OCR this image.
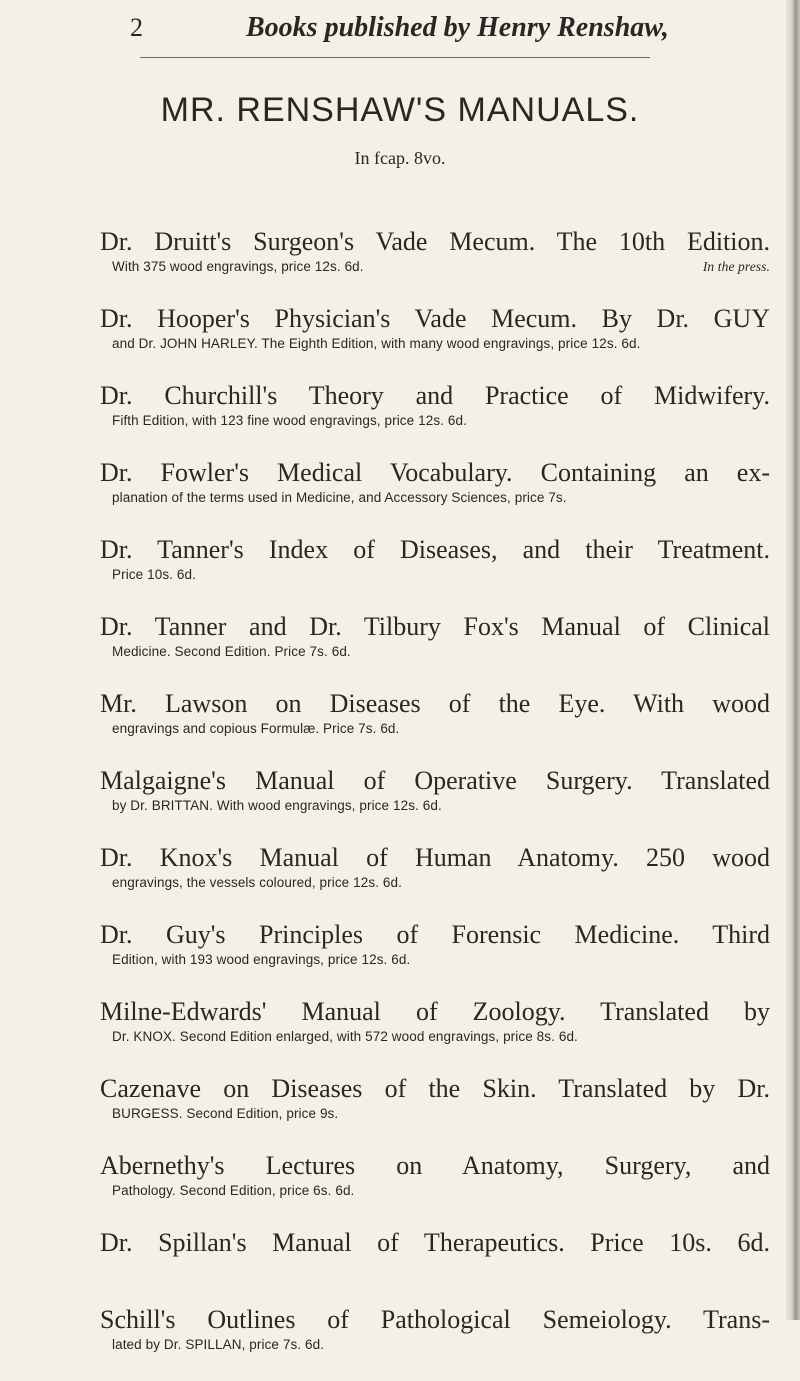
2	Books published by Henry Renshaw,

MR. RENSHAW'S MANUALS.

In fcap. 8vo.

Dr. Druitt's Surgeon's Vade Mecum. The 10th Edition.

With 375 wood engravings, price 12s. 6d.	In the press.

Dr. Hooper's Physician's Vade Mecum. By Dr. GUY

and Dr. JOHN HARLEY. The Eighth Edition, with many wood engravings, price 12s. 6d.

Dr. Churchill's Theory and Practice of Midwifery.

Fifth Edition, with 123 fine wood engravings, price 12s. 6d.

Dr. Fowler's Medical Vocabulary. Containing an ex-

planation of the terms used in Medicine, and Accessory Sciences, price 7s.

Dr. Tanner's Index of Diseases, and their Treatment.

Price 10s. 6d.

Dr. Tanner and Dr. Tilbury Fox's Manual of Clinical

Medicine. Second Edition. Price 7s. 6d.

Mr. Lawson on Diseases of the Eye. With wood

engravings and copious Formulæ. Price 7s. 6d.

Malgaigne's Manual of Operative Surgery. Translated

by Dr. BRITTAN. With wood engravings, price 12s. 6d.

Dr. Knox's Manual of Human Anatomy. 250 wood

engravings, the vessels coloured, price 12s. 6d.

Dr. Guy's Principles of Forensic Medicine. Third

Edition, with 193 wood engravings, price 12s. 6d.

Milne-Edwards' Manual of Zoology. Translated by

Dr. KNOX. Second Edition enlarged, with 572 wood engravings, price 8s. 6d.

Cazenave on Diseases of the Skin. Translated by Dr.

BURGESS. Second Edition, price 9s.

Abernethy's Lectures on Anatomy, Surgery, and

Pathology. Second Edition, price 6s. 6d.

Dr. Spillan's Manual of Therapeutics. Price 10s. 6d.

Schill's Outlines of Pathological Semeiology. Trans-

lated by Dr. SPILLAN, price 7s. 6d.
